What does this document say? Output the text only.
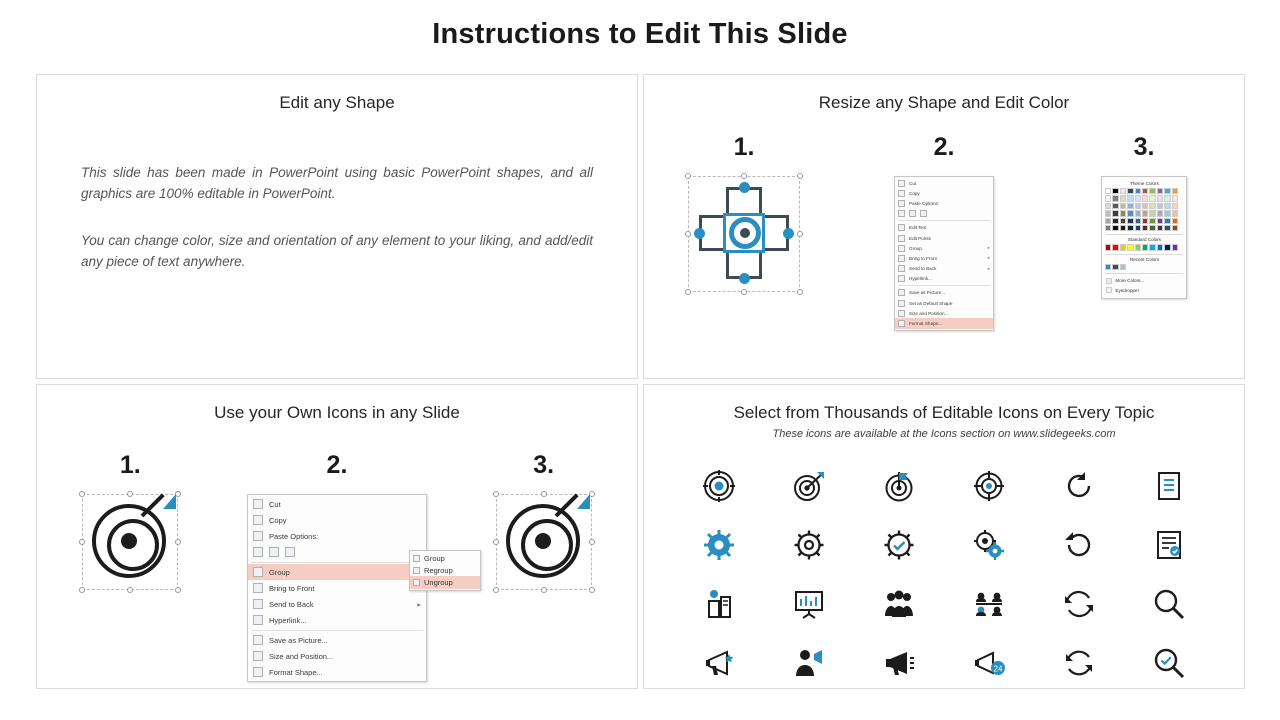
Instructions to Edit This Slide
Edit any Shape
This slide has been made in PowerPoint using basic PowerPoint shapes, and all graphics are 100% editable in PowerPoint.
You can change color, size and orientation of any element to your liking, and add/edit any piece of text anywhere.
Resize any Shape and Edit Color
1.	2.
Cut
Copy
Paste Options:
Edit Text
Edit Points
Group	▸
Bring to Front	▸
Send to Back	▸
Hyperlink...
Save as Picture...
Set as Default Shape
Size and Position...
Format Shape...
3.
Theme Colors
Standard Colors
Recent Colors
More Colors...
Eyedropper
Use your Own Icons in any Slide
1.	2.
Cut
Copy
Paste Options:
Group
Bring to Front
Send to Back	▸
Hyperlink...
Save as Picture...
Size and Position...
Format Shape...
Group
Regroup
Ungroup
3.
Select from Thousands of Editable Icons on Every Topic
These icons are available at the Icons section on www.slidegeeks.com
24
